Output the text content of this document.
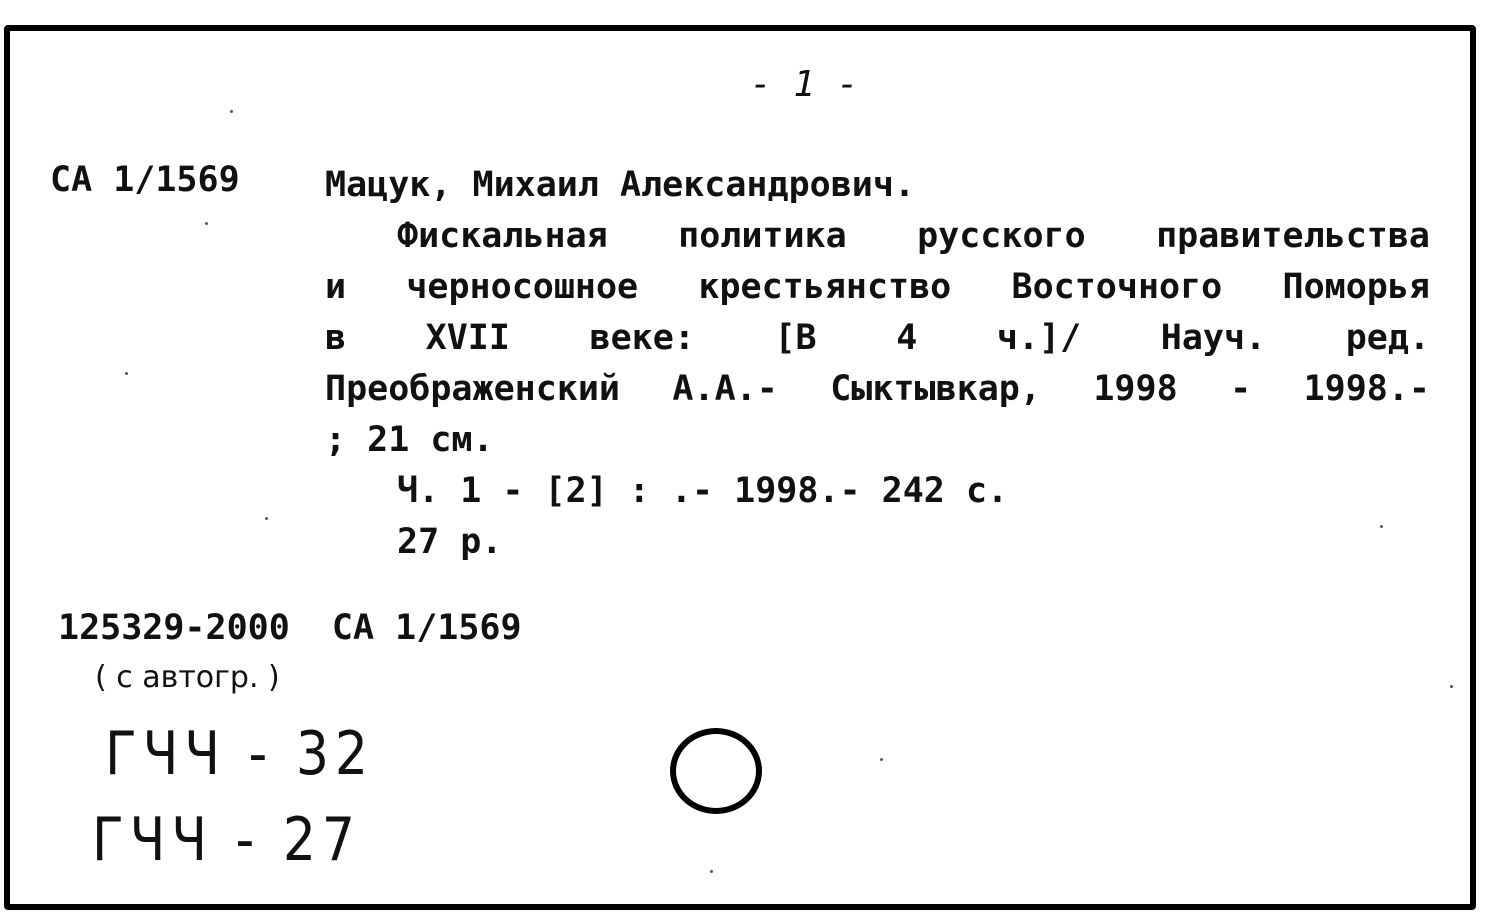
- 1 -
СА 1/1569 Мацук, Михаил Александрович.
Фискальная политика русского правительства
и черносошное крестьянство Восточного Поморья
в XVII веке: [В 4 ч.]/ Науч. ред.
Преображенский А.А.- Сыктывкар, 1998 - 1998.-
; 21 см.
Ч. 1 - [2] : .- 1998.- 242 с.
27 р.
125329-2000  СА 1/1569
( с автогр. )
ГЧЧ - 32
ГЧЧ - 27
